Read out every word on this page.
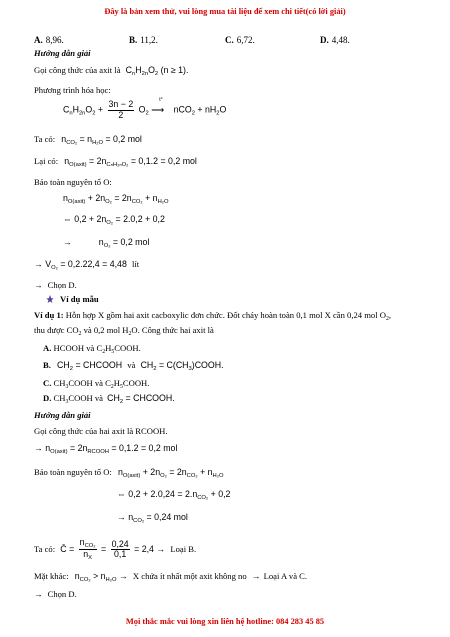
Đây là bản xem thử, vui lòng mua tài liệu để xem chi tiết(có lời giải)
A. 8,96.	B. 11,2.	C. 6,72.	D. 4,48.
Hướng dẫn giải
Gọi công thức của axit là $C_nH_{2n}O_2$ (n ≥ 1).
Phương trình hóa học:
$C_nH_{2n}O_2 + \frac{3n - 2}{2} O_2$
t°
⟶ $nCO_2 + nH_2O$
Ta có: $n_{CO_2} = n_{H_2O} = 0,2$ mol
Lại có: $n_{O(axit)} = 2n_{C_nH_{2n}O_2} = 0,1.2 = 0,2$ mol
Bảo toàn nguyên tố O:
$n_{O(axit)} + 2n_{O_2} = 2n_{CO_2} + n_{H_2O}$
⇔ $0,2 + 2n_{O_2} = 2.0,2 + 0,2$
→	$n_{O_2} = 0,2$ mol
→ $V_{O_2} = 0,2.22,4 = 4,48$ lít
→ Chọn D.
Ví dụ mẫu
Ví dụ 1: Hỗn hợp X gồm hai axit cacboxylic đơn chức. Đốt cháy hoàn toàn 0,1 mol X cần 0,24 mol $O_2$,
thu được $CO_2$ và 0,2 mol $H_2O$. Công thức hai axit là
A. HCOOH và $C_2H_5COOH$.
B. $CH_2$ = CHCOOH và $CH_2$ = $C(CH_3)COOH$.
C. $CH_3COOH$ và $C_2H_5COOH$.
D. $CH_3COOH$ và $CH_2$ = CHCOOH.
Hướng dẫn giải
Gọi công thức của hai axit là RCOOH.
→ $n_{O(axit)} = 2n_{RCOOH} = 0,1.2 = 0,2$ mol
Bảo toàn nguyên tố O: $n_{O(axit)} + 2n_{O_2} = 2n_{CO_2} + n_{H_2O}$
⇔ $0,2 + 2.0,24 = 2.n_{CO_2} + 0,2$
→ $n_{CO_2} = 0,24$ mol
Ta có: C̄ = $\frac{n_{CO_2}}{n_X} = \frac{0,24}{0,1} = 2,4$ → Loại B.
Mặt khác: $n_{CO_2} > n_{H_2O} \to X$ chứa ít nhất một axit không no → Loại A và C.
→ Chọn D.
Mọi thắc mắc vui lòng xin liên hệ hotline: 084 283 45 85
